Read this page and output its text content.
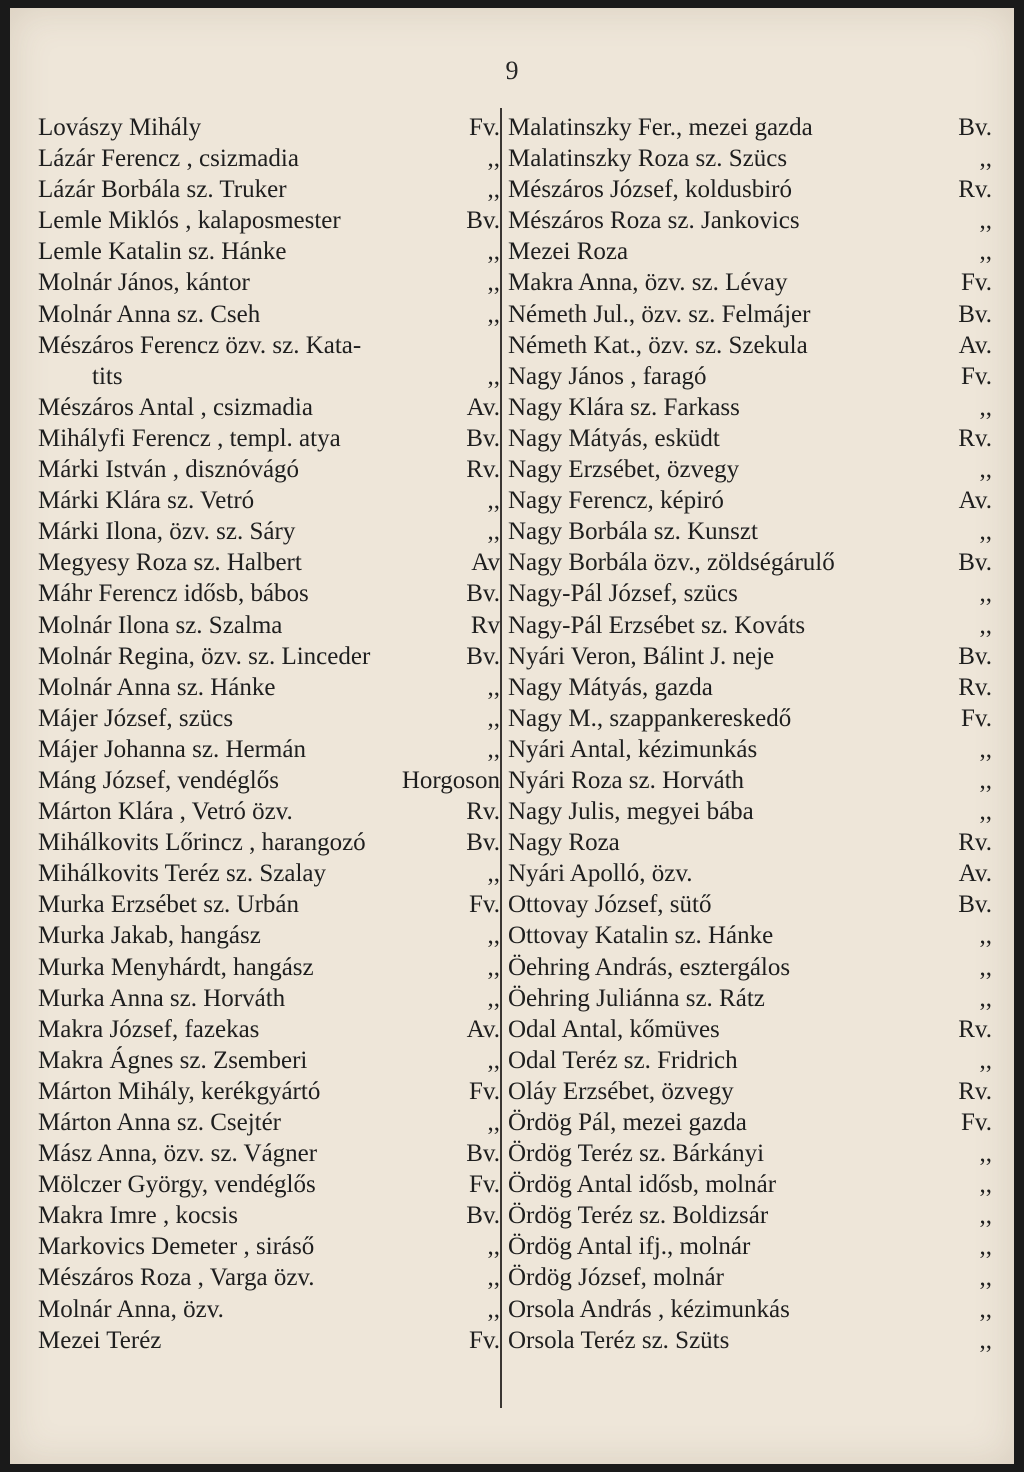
9
Lovászy Mihály	Fv.
Lázár Ferencz , csizmadia	,,
Lázár Borbála sz. Truker	,,
Lemle Miklós , kalaposmester	Bv.
Lemle Katalin sz. Hánke	,,
Molnár János, kántor	,,
Molnár Anna sz. Cseh	,,
Mészáros Ferencz özv. sz. Kata-
tits	,,
Mészáros Antal , csizmadia	Av.
Mihályfi Ferencz , templ. atya	Bv.
Márki István , disznóvágó	Rv.
Márki Klára sz. Vetró	,,
Márki Ilona, özv. sz. Sáry	,,
Megyesy Roza sz. Halbert	Av
Máhr Ferencz idősb, bábos	Bv.
Molnár Ilona sz. Szalma	Rv
Molnár Regina, özv. sz. Linceder	Bv.
Molnár Anna sz. Hánke	,,
Májer József, szücs	,,
Májer Johanna sz. Hermán	,,
Máng József, vendéglős	Horgoson
Márton Klára , Vetró özv.	Rv.
Mihálkovits Lőrincz , harangozó	Bv.
Mihálkovits Teréz sz. Szalay	,,
Murka Erzsébet sz. Urbán	Fv.
Murka Jakab, hangász	,,
Murka Menyhárdt, hangász	,,
Murka Anna sz. Horváth	,,
Makra József, fazekas	Av.
Makra Ágnes sz. Zsemberi	,,
Márton Mihály, kerékgyártó	Fv.
Márton Anna sz. Csejtér	,,
Mász Anna, özv. sz. Vágner	Bv.
Mölczer György, vendéglős	Fv.
Makra Imre , kocsis	Bv.
Markovics Demeter , siráső	,,
Mészáros Roza , Varga özv.	,,
Molnár Anna, özv.	,,
Mezei Teréz	Fv.
Malatinszky Fer., mezei gazda	Bv.
Malatinszky Roza sz. Szücs	,,
Mészáros József, koldusbiró	Rv.
Mészáros Roza sz. Jankovics	,,
Mezei Roza	,,
Makra Anna, özv. sz. Lévay	Fv.
Németh Jul., özv. sz. Felmájer	Bv.
Németh Kat., özv. sz. Szekula	Av.
Nagy János , faragó	Fv.
Nagy Klára sz. Farkass	,,
Nagy Mátyás, esküdt	Rv.
Nagy Erzsébet, özvegy	,,
Nagy Ferencz, képiró	Av.
Nagy Borbála sz. Kunszt	,,
Nagy Borbála özv., zöldségárulő	Bv.
Nagy-Pál József, szücs	,,
Nagy-Pál Erzsébet sz. Kováts	,,
Nyári Veron, Bálint J. neje	Bv.
Nagy Mátyás, gazda	Rv.
Nagy M., szappankereskedő	Fv.
Nyári Antal, kézimunkás	,,
Nyári Roza sz. Horváth	,,
Nagy Julis, megyei bába	,,
Nagy Roza	Rv.
Nyári Apolló, özv.	Av.
Ottovay József, sütő	Bv.
Ottovay Katalin sz. Hánke	,,
Öehring András, esztergálos	,,
Öehring Juliánna sz. Rátz	,,
Odal Antal, kőmüves	Rv.
Odal Teréz sz. Fridrich	,,
Oláy Erzsébet, özvegy	Rv.
Ördög Pál, mezei gazda	Fv.
Ördög Teréz sz. Bárkányi	,,
Ördög Antal idősb, molnár	,,
Ördög Teréz sz. Boldizsár	,,
Ördög Antal ifj., molnár	,,
Ördög József, molnár	,,
Orsola András , kézimunkás	,,
Orsola Teréz sz. Szüts	,,
